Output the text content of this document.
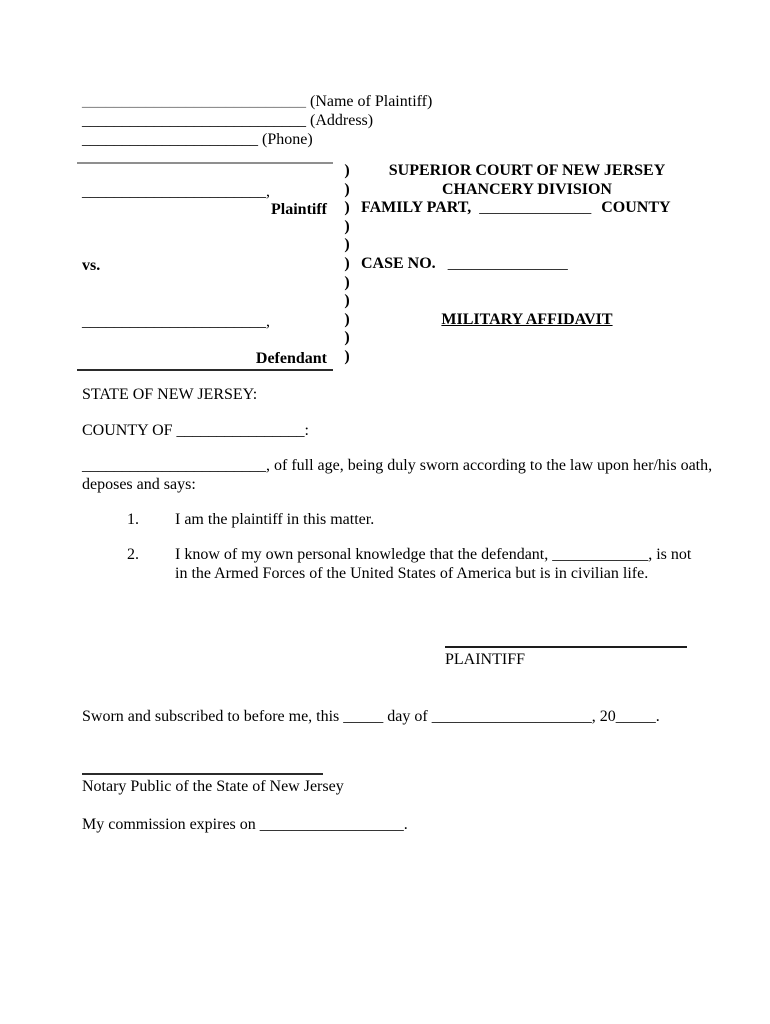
____________________________ (Name of Plaintiff)
____________________________ (Address)
______________________ (Phone)
_______________________,
Plaintiff
vs.
_______________________,
Defendant
)
)
)
)
)
)
)
)
)
)
)
SUPERIOR COURT OF NEW JERSEY
CHANCERY DIVISION
FAMILY PART, ______________ COUNTY
CASE NO. _______________
MILITARY AFFIDAVIT
STATE OF NEW JERSEY:
COUNTY OF ________________:
_______________________, of full age, being duly sworn according to the law upon her/his oath,
deposes and says:
1.	I am the plaintiff in this matter.
2.	I know of my own personal knowledge that the defendant, ____________, is not
in the Armed Forces of the United States of America but is in civilian life.
PLAINTIFF
Sworn and subscribed to before me, this _____ day of ____________________, 20_____.
Notary Public of the State of New Jersey
My commission expires on __________________.
